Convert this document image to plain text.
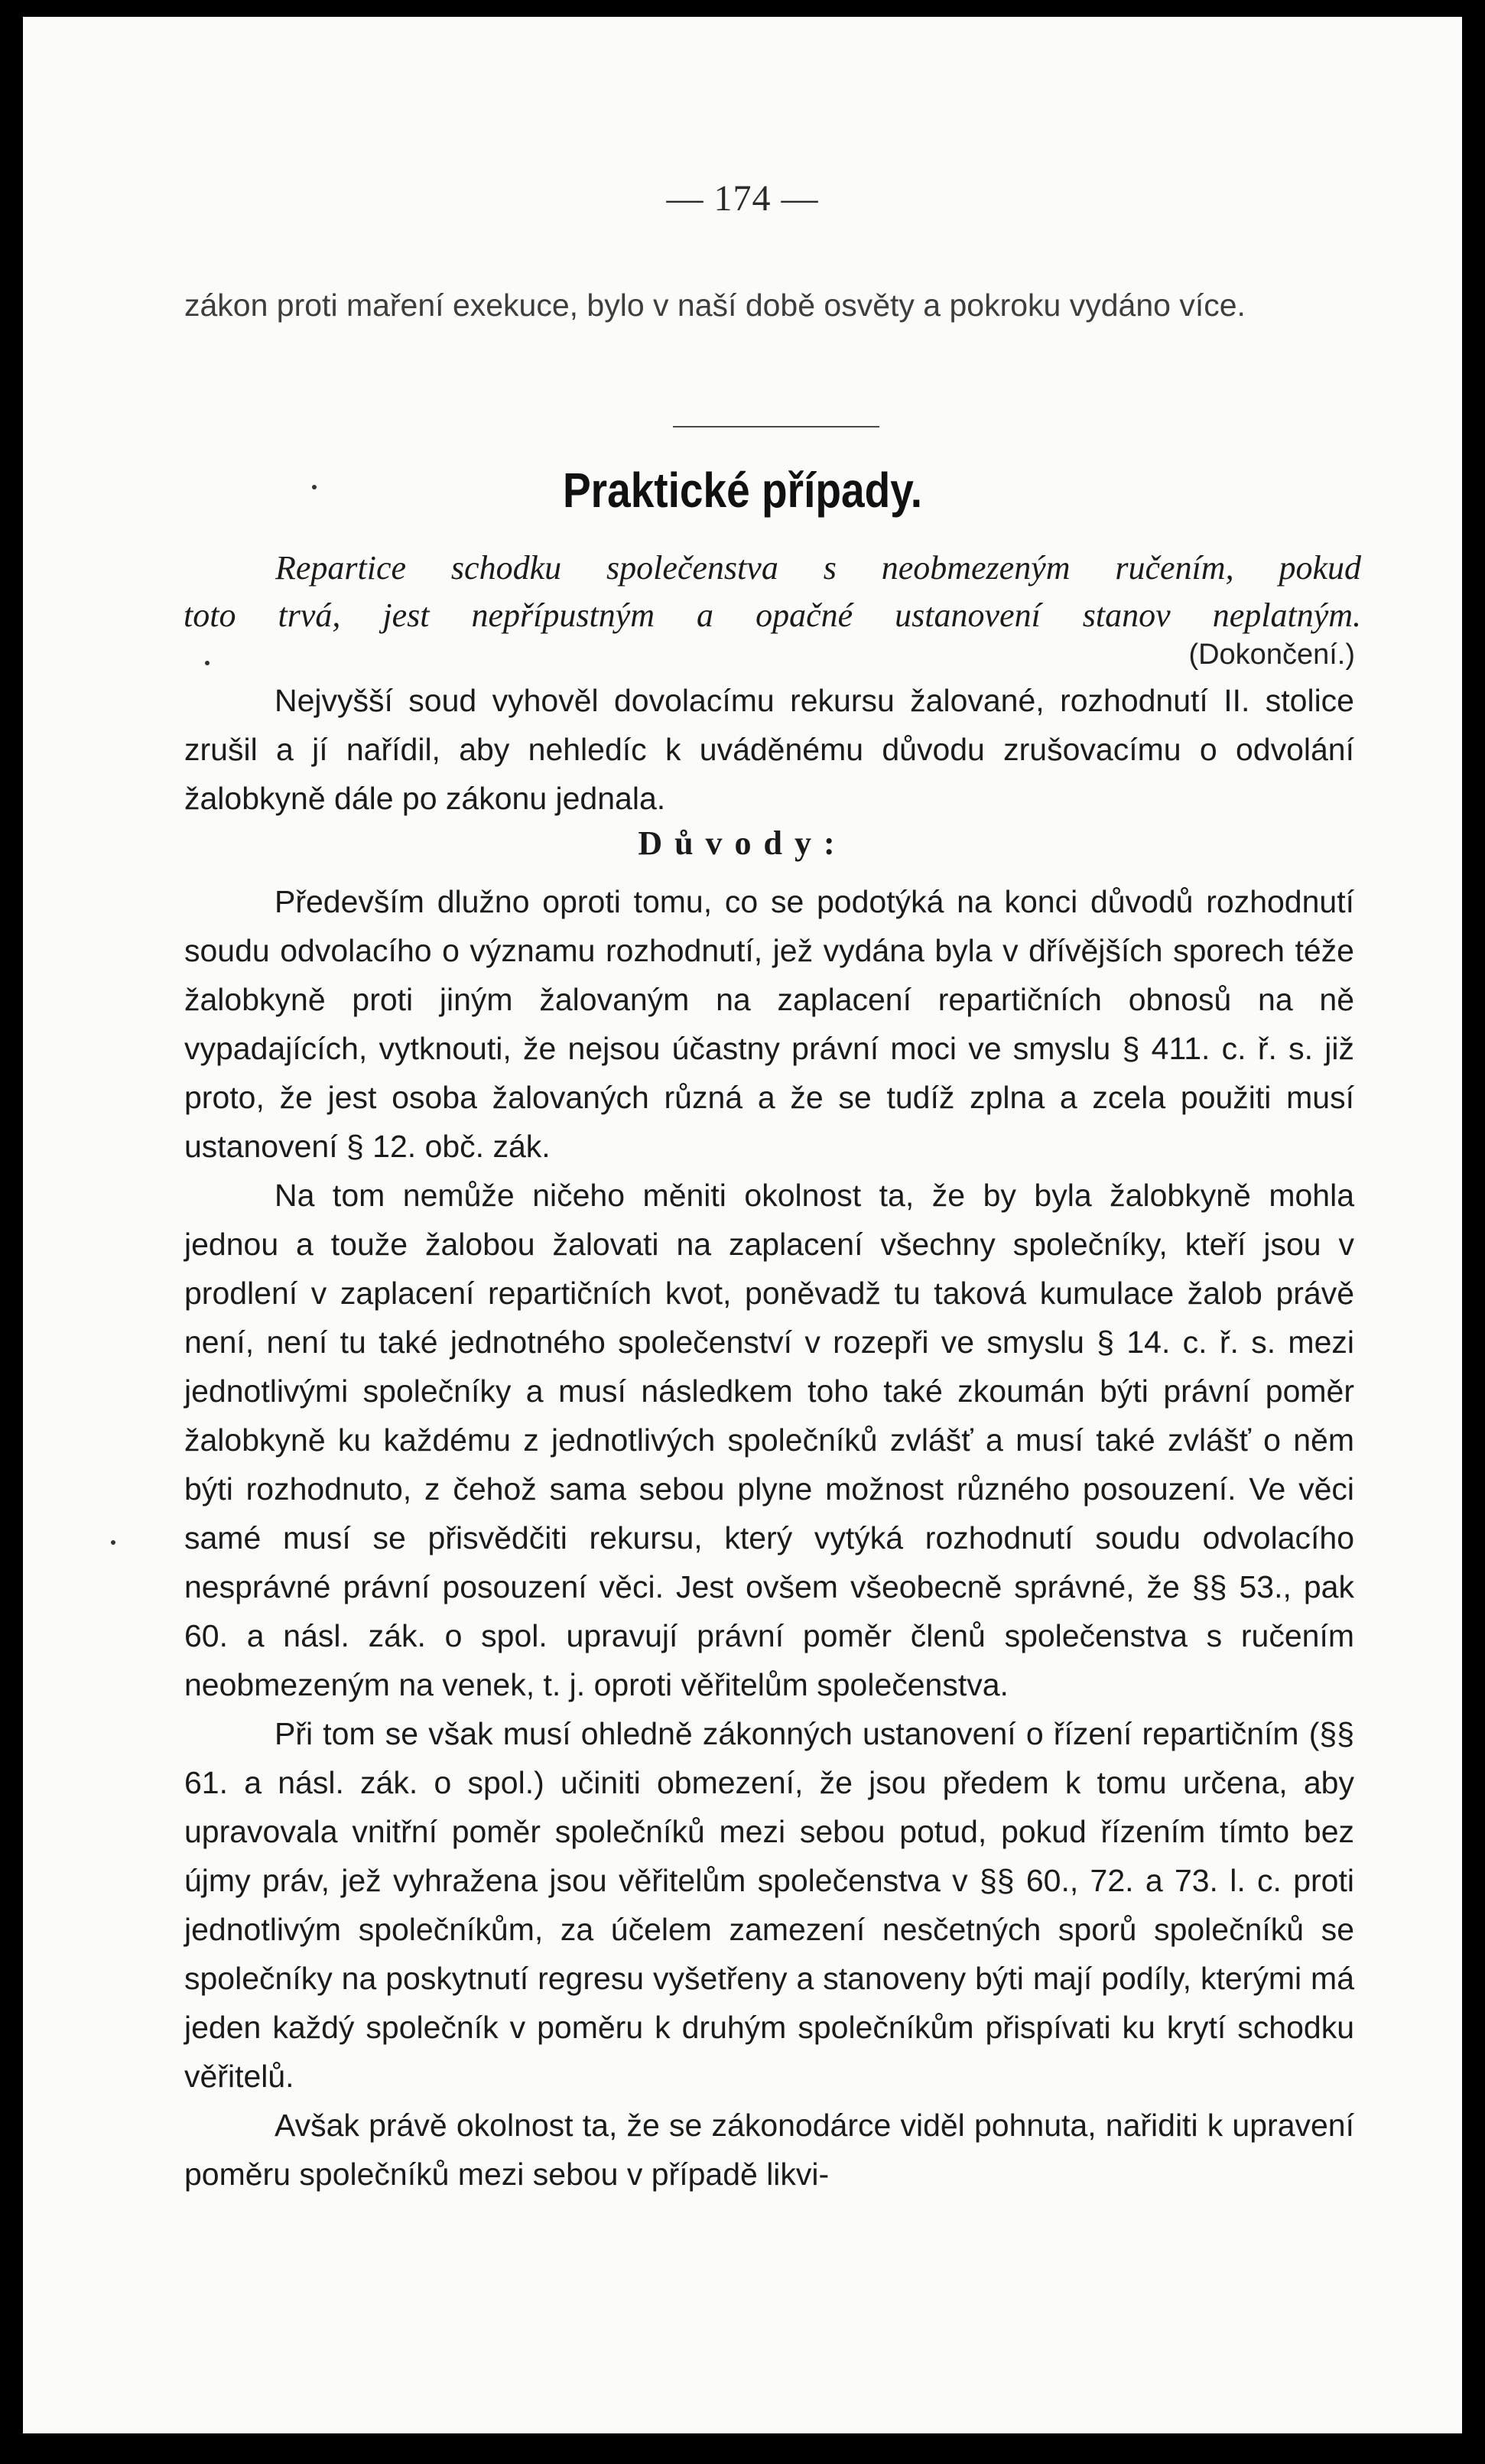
— 174 —
zákon proti maření exekuce, bylo v naší době osvěty a pokroku vydáno více.
Praktické případy.
Repartice schodku společenstva s neobmezeným ručením, pokud
toto trvá, jest nepřípustným a opačné ustanovení stanov neplatným.
(Dokončení.)

Nejvyšší soud vyhověl dovolacímu rekursu žalované, rozhodnutí II. stolice zrušil a jí nařídil, aby nehledíc k uváděnému důvodu zrušovacímu o odvolání žalobkyně dále po zákonu jednala.

Důvody:

Především dlužno oproti tomu, co se podotýká na konci důvodů rozhodnutí soudu odvolacího o významu rozhodnutí, jež vydána byla v dřívějších sporech téže žalobkyně proti jiným žalovaným na zaplacení repartičních obnosů na ně vypadajících, vytknouti, že nejsou účastny právní moci ve smyslu § 411. c. ř. s. již proto, že jest osoba žalovaných různá a že se tudíž zplna a zcela použiti musí ustanovení § 12. obč. zák.

Na tom nemůže ničeho měniti okolnost ta, že by byla žalobkyně mohla jednou a touže žalobou žalovati na zaplacení všechny společníky, kteří jsou v prodlení v zaplacení repartičních kvot, poněvadž tu taková kumulace žalob právě není, není tu také jednotného společenství v rozepři ve smyslu § 14. c. ř. s. mezi jednotlivými společníky a musí následkem toho také zkoumán býti právní poměr žalobkyně ku každému z jednotlivých společníků zvlášť a musí také zvlášť o něm býti rozhodnuto, z čehož sama sebou plyne možnost různého posouzení. Ve věci samé musí se přisvědčiti rekursu, který vytýká rozhodnutí soudu odvolacího nesprávné právní posouzení věci. Jest ovšem všeobecně správné, že §§ 53., pak 60. a násl. zák. o spol. upravují právní poměr členů společenstva s ručením neobmezeným na venek, t. j. oproti věřitelům společenstva.

Při tom se však musí ohledně zákonných ustanovení o řízení repartičním (§§ 61. a násl. zák. o spol.) učiniti obmezení, že jsou předem k tomu určena, aby upravovala vnitřní poměr společníků mezi sebou potud, pokud řízením tímto bez újmy práv, jež vyhražena jsou věřitelům společenstva v §§ 60., 72. a 73. l. c. proti jednotlivým společníkům, za účelem zamezení nesčetných sporů společníků se společníky na poskytnutí regresu vyšetřeny a stanoveny býti mají podíly, kterými má jeden každý společník v poměru k druhým společníkům přispívati ku krytí schodku věřitelů.

Avšak právě okolnost ta, že se zákonodárce viděl pohnuta, nařiditi k upravení poměru společníků mezi sebou v případě likvi-
